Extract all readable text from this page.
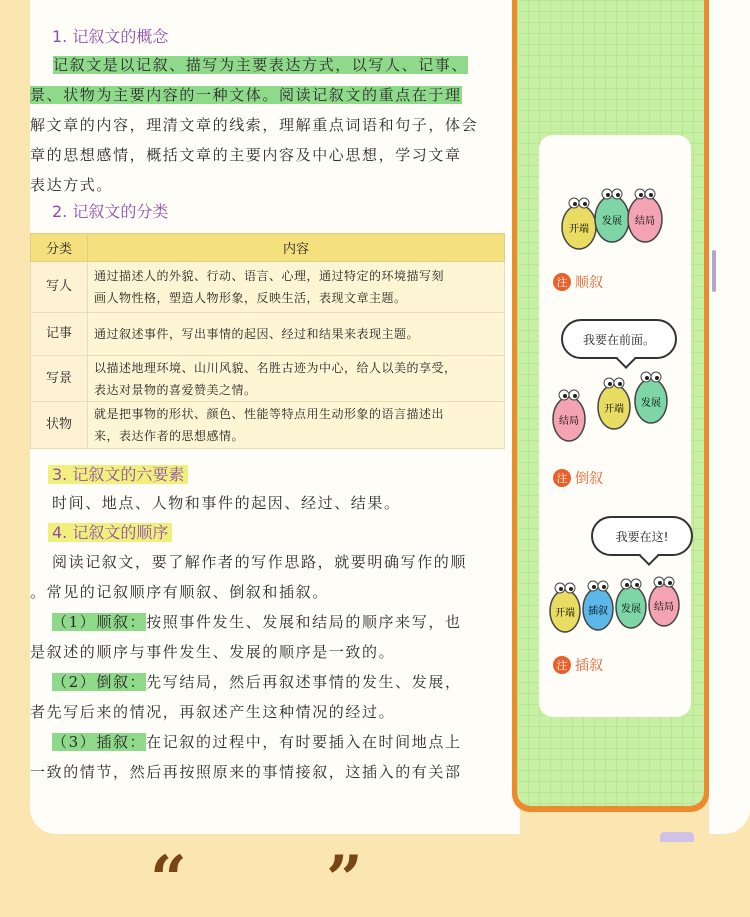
1. 记叙文的概念

记叙文是以记叙、描写为主要表达方式，以写人、记事、

景、状物为主要内容的一种文体。阅读记叙文的重点在于理

解文章的内容，理清文章的线索，理解重点词语和句子，体会

章的思想感情，概括文章的主要内容及中心思想，学习文章

表达方式。

2. 记叙文的分类
分类	内容
写人	通过描述人的外貌、行动、语言、心理，通过特定的环境描写刻
画人物性格，塑造人物形象，反映生活，表现文章主题。

记事	通过叙述事件，写出事情的起因、经过和结果来表现主题。

写景	以描述地理环境、山川风貌、名胜古迹为中心，给人以美的享受，
表达对景物的喜爱赞美之情。

状物	就是把事物的形状、颜色、性能等特点用生动形象的语言描述出
来，表达作者的思想感情。
3. 记叙文的六要素
时间、地点、人物和事件的起因、经过、结果。
4. 记叙文的顺序

阅读记叙文，要了解作者的写作思路，就要明确写作的顺

。常见的记叙顺序有顺叙、倒叙和插叙。

（1）顺叙：按照事件发生、发展和结局的顺序来写，也

是叙述的顺序与事件发生、发展的顺序是一致的。

（2）倒叙：先写结局，然后再叙述事情的发生、发展，

者先写后来的情况，再叙述产生这种情况的经过。

（3）插叙：在记叙的过程中，有时要插入在时间地点上

一致的情节，然后再按照原来的事情接叙，这插入的有关部

开端
发展 结局
注 顺叙
我要在前面。
结局
开端
发展
注 倒叙
我要在这!
开端 插叙 发展 结局
注 插叙
“ ”
